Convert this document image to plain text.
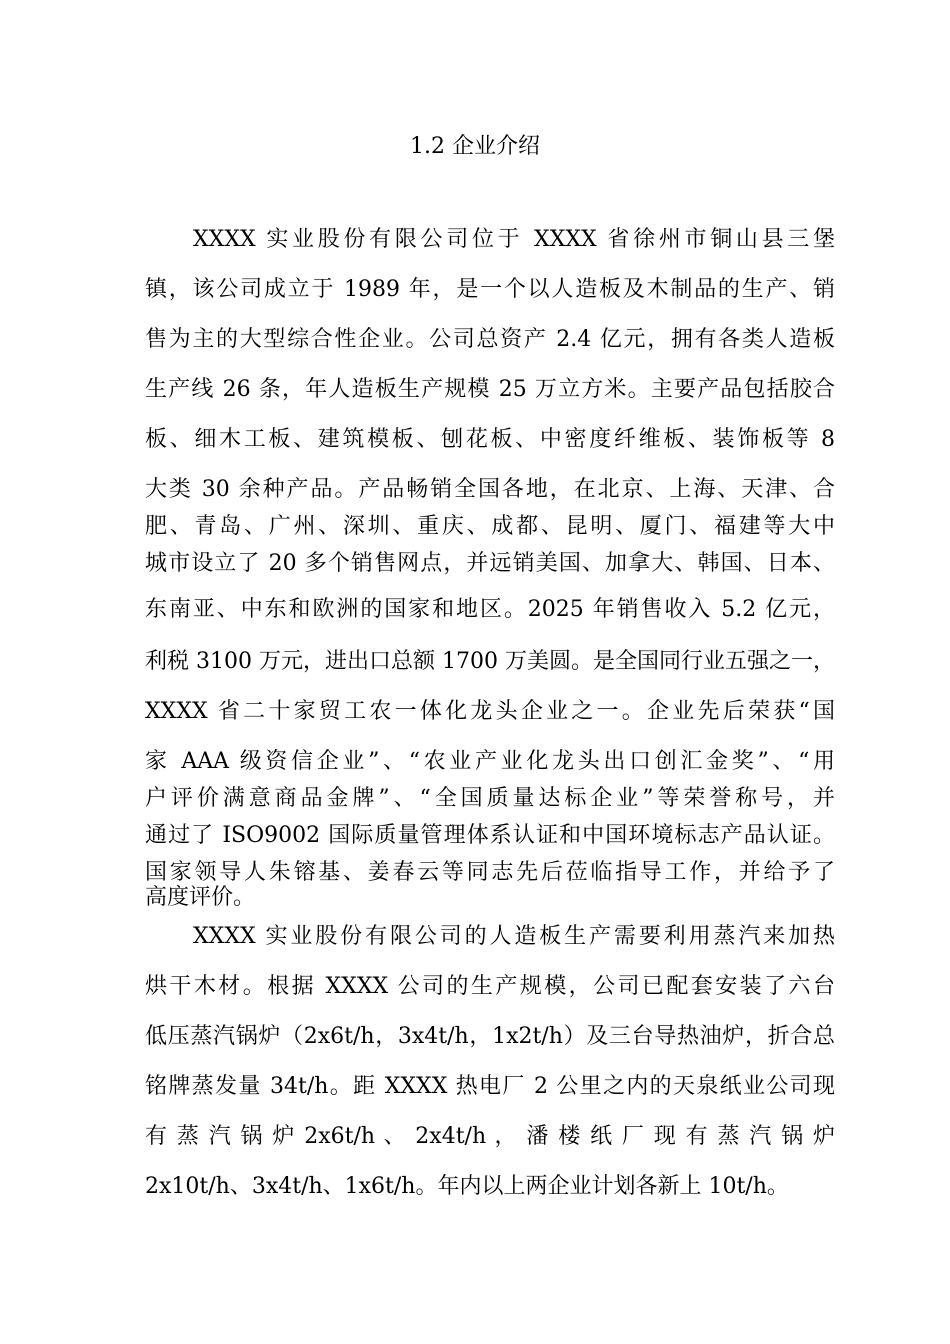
1.2 企业介绍

XXXX 实业股份有限公司位于 XXXX 省徐州市铜山县三堡

镇，该公司成立于 1989 年，是一个以人造板及木制品的生产、销

售为主的大型综合性企业。公司总资产 2.4 亿元，拥有各类人造板

生产线 26 条，年人造板生产规模 25 万立方米。主要产品包括胶合

板、细木工板、建筑模板、刨花板、中密度纤维板、装饰板等 8

大类 30 余种产品。产品畅销全国各地，在北京、上海、天津、合

肥、青岛、广州、深圳、重庆、成都、昆明、厦门、福建等大中

城市设立了 20 多个销售网点，并远销美国、加拿大、韩国、日本、

东南亚、中东和欧洲的国家和地区。2025 年销售收入 5.2 亿元，

利税 3100 万元，进出口总额 1700 万美圆。是全国同行业五强之一，

XXXX 省二十家贸工农一体化龙头企业之一。企业先后荣获“国

家 AAA 级资信企业”、“农业产业化龙头出口创汇金奖”、“用

户评价满意商品金牌”、“全国质量达标企业”等荣誉称号，并

通过了 ISO9002 国际质量管理体系认证和中国环境标志产品认证。

国家领导人朱镕基、姜春云等同志先后莅临指导工作，并给予了

高度评价。

XXXX 实业股份有限公司的人造板生产需要利用蒸汽来加热

烘干木材。根据 XXXX 公司的生产规模，公司已配套安装了六台

低压蒸汽锅炉（2x6t/h，3x4t/h，1x2t/h）及三台导热油炉，折合总

铭牌蒸发量 34t/h。距 XXXX 热电厂 2 公里之内的天泉纸业公司现

有 蒸 汽 锅 炉 2x6t/h 、 2x4t/h ， 潘 楼 纸 厂 现 有 蒸 汽 锅 炉

2x10t/h、3x4t/h、1x6t/h。年内以上两企业计划各新上 10t/h。
